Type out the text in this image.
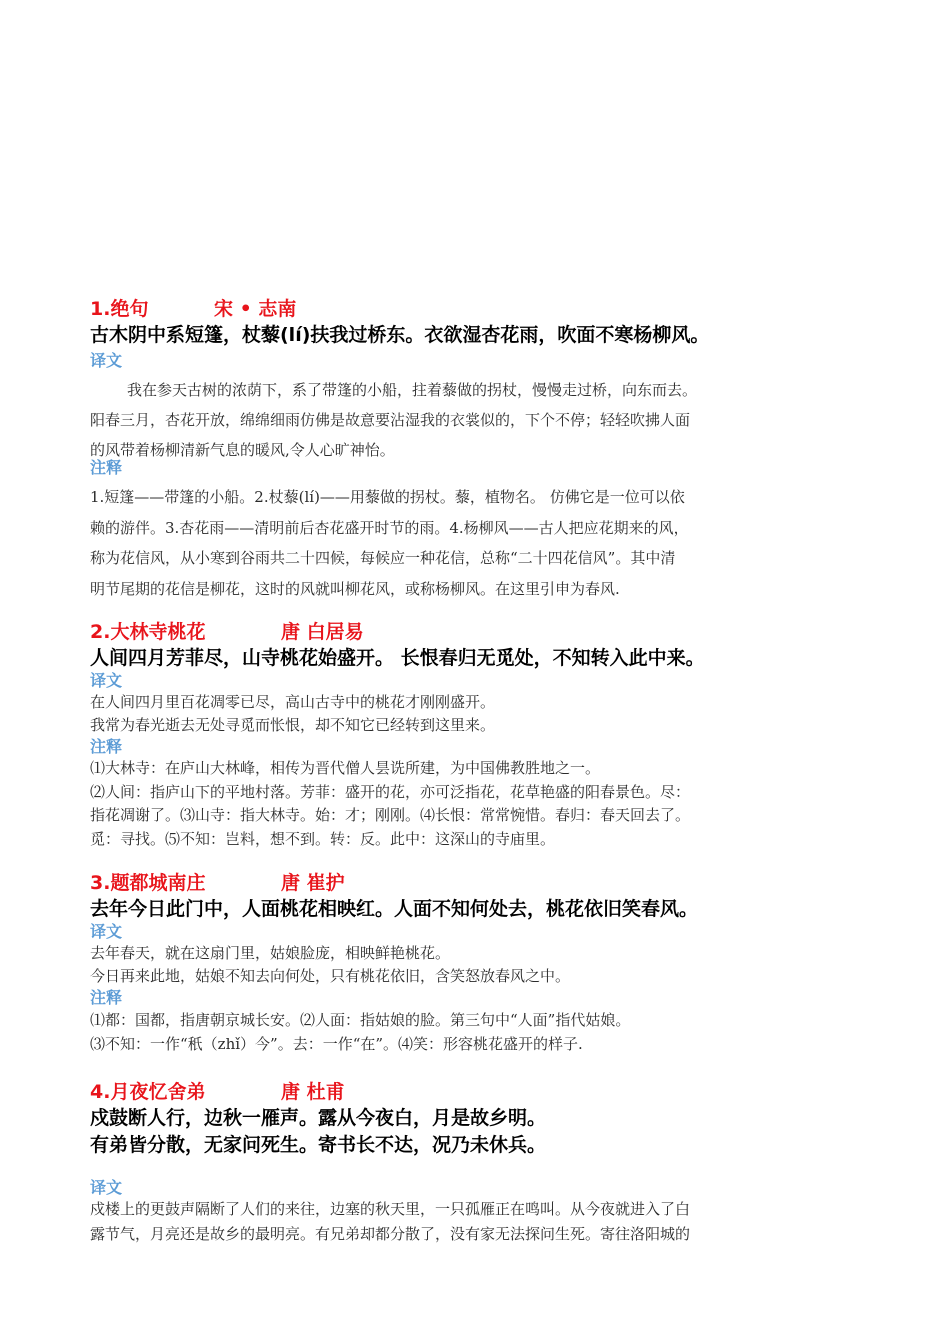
1.绝句	宋 • 志南
古木阴中系短篷，杖藜(lí)扶我过桥东。衣欲湿杏花雨，吹面不寒杨柳风。
译文
我在参天古树的浓荫下，系了带篷的小船，拄着藜做的拐杖，慢慢走过桥，向东而去。
阳春三月，杏花开放，绵绵细雨仿佛是故意要沾湿我的衣裳似的，下个不停；轻轻吹拂人面
的风带着杨柳清新气息的暖风,令人心旷神怡。
注释
1.短篷——带篷的小船。2.杖藜(lí)——用藜做的拐杖。藜，植物名。 仿佛它是一位可以依
赖的游伴。3.杏花雨——清明前后杏花盛开时节的雨。4.杨柳风——古人把应花期来的风，
称为花信风，从小寒到谷雨共二十四候，每候应一种花信，总称“二十四花信风”。其中清
明节尾期的花信是柳花，这时的风就叫柳花风，或称杨柳风。在这里引申为春风.
2.大林寺桃花	唐 白居易
人间四月芳菲尽，山寺桃花始盛开。 长恨春归无觅处，不知转入此中来。
译文
在人间四月里百花凋零已尽，高山古寺中的桃花才刚刚盛开。
我常为春光逝去无处寻觅而怅恨，却不知它已经转到这里来。
注释
⑴大林寺：在庐山大林峰，相传为晋代僧人昙诜所建，为中国佛教胜地之一。
⑵人间：指庐山下的平地村落。芳菲：盛开的花，亦可泛指花，花草艳盛的阳春景色。尽：
指花凋谢了。⑶山寺：指大林寺。始：才；刚刚。⑷长恨：常常惋惜。春归：春天回去了。
觅：寻找。⑸不知：岂料，想不到。转：反。此中：这深山的寺庙里。
3.题都城南庄	唐 崔护
去年今日此门中，人面桃花相映红。人面不知何处去，桃花依旧笑春风。
译文
去年春天，就在这扇门里，姑娘脸庞，相映鲜艳桃花。
今日再来此地，姑娘不知去向何处，只有桃花依旧，含笑怒放春风之中。
注释
⑴都：国都，指唐朝京城长安。⑵人面：指姑娘的脸。第三句中“人面”指代姑娘。
⑶不知：一作“秖（zhǐ）今”。去：一作“在”。⑷笑：形容桃花盛开的样子.
4.月夜忆舍弟	唐 杜甫
戍鼓断人行，边秋一雁声。露从今夜白，月是故乡明。
有弟皆分散，无家问死生。寄书长不达，况乃未休兵。
译文
戍楼上的更鼓声隔断了人们的来往，边塞的秋天里，一只孤雁正在鸣叫。从今夜就进入了白
露节气，月亮还是故乡的最明亮。有兄弟却都分散了，没有家无法探问生死。寄往洛阳城的
